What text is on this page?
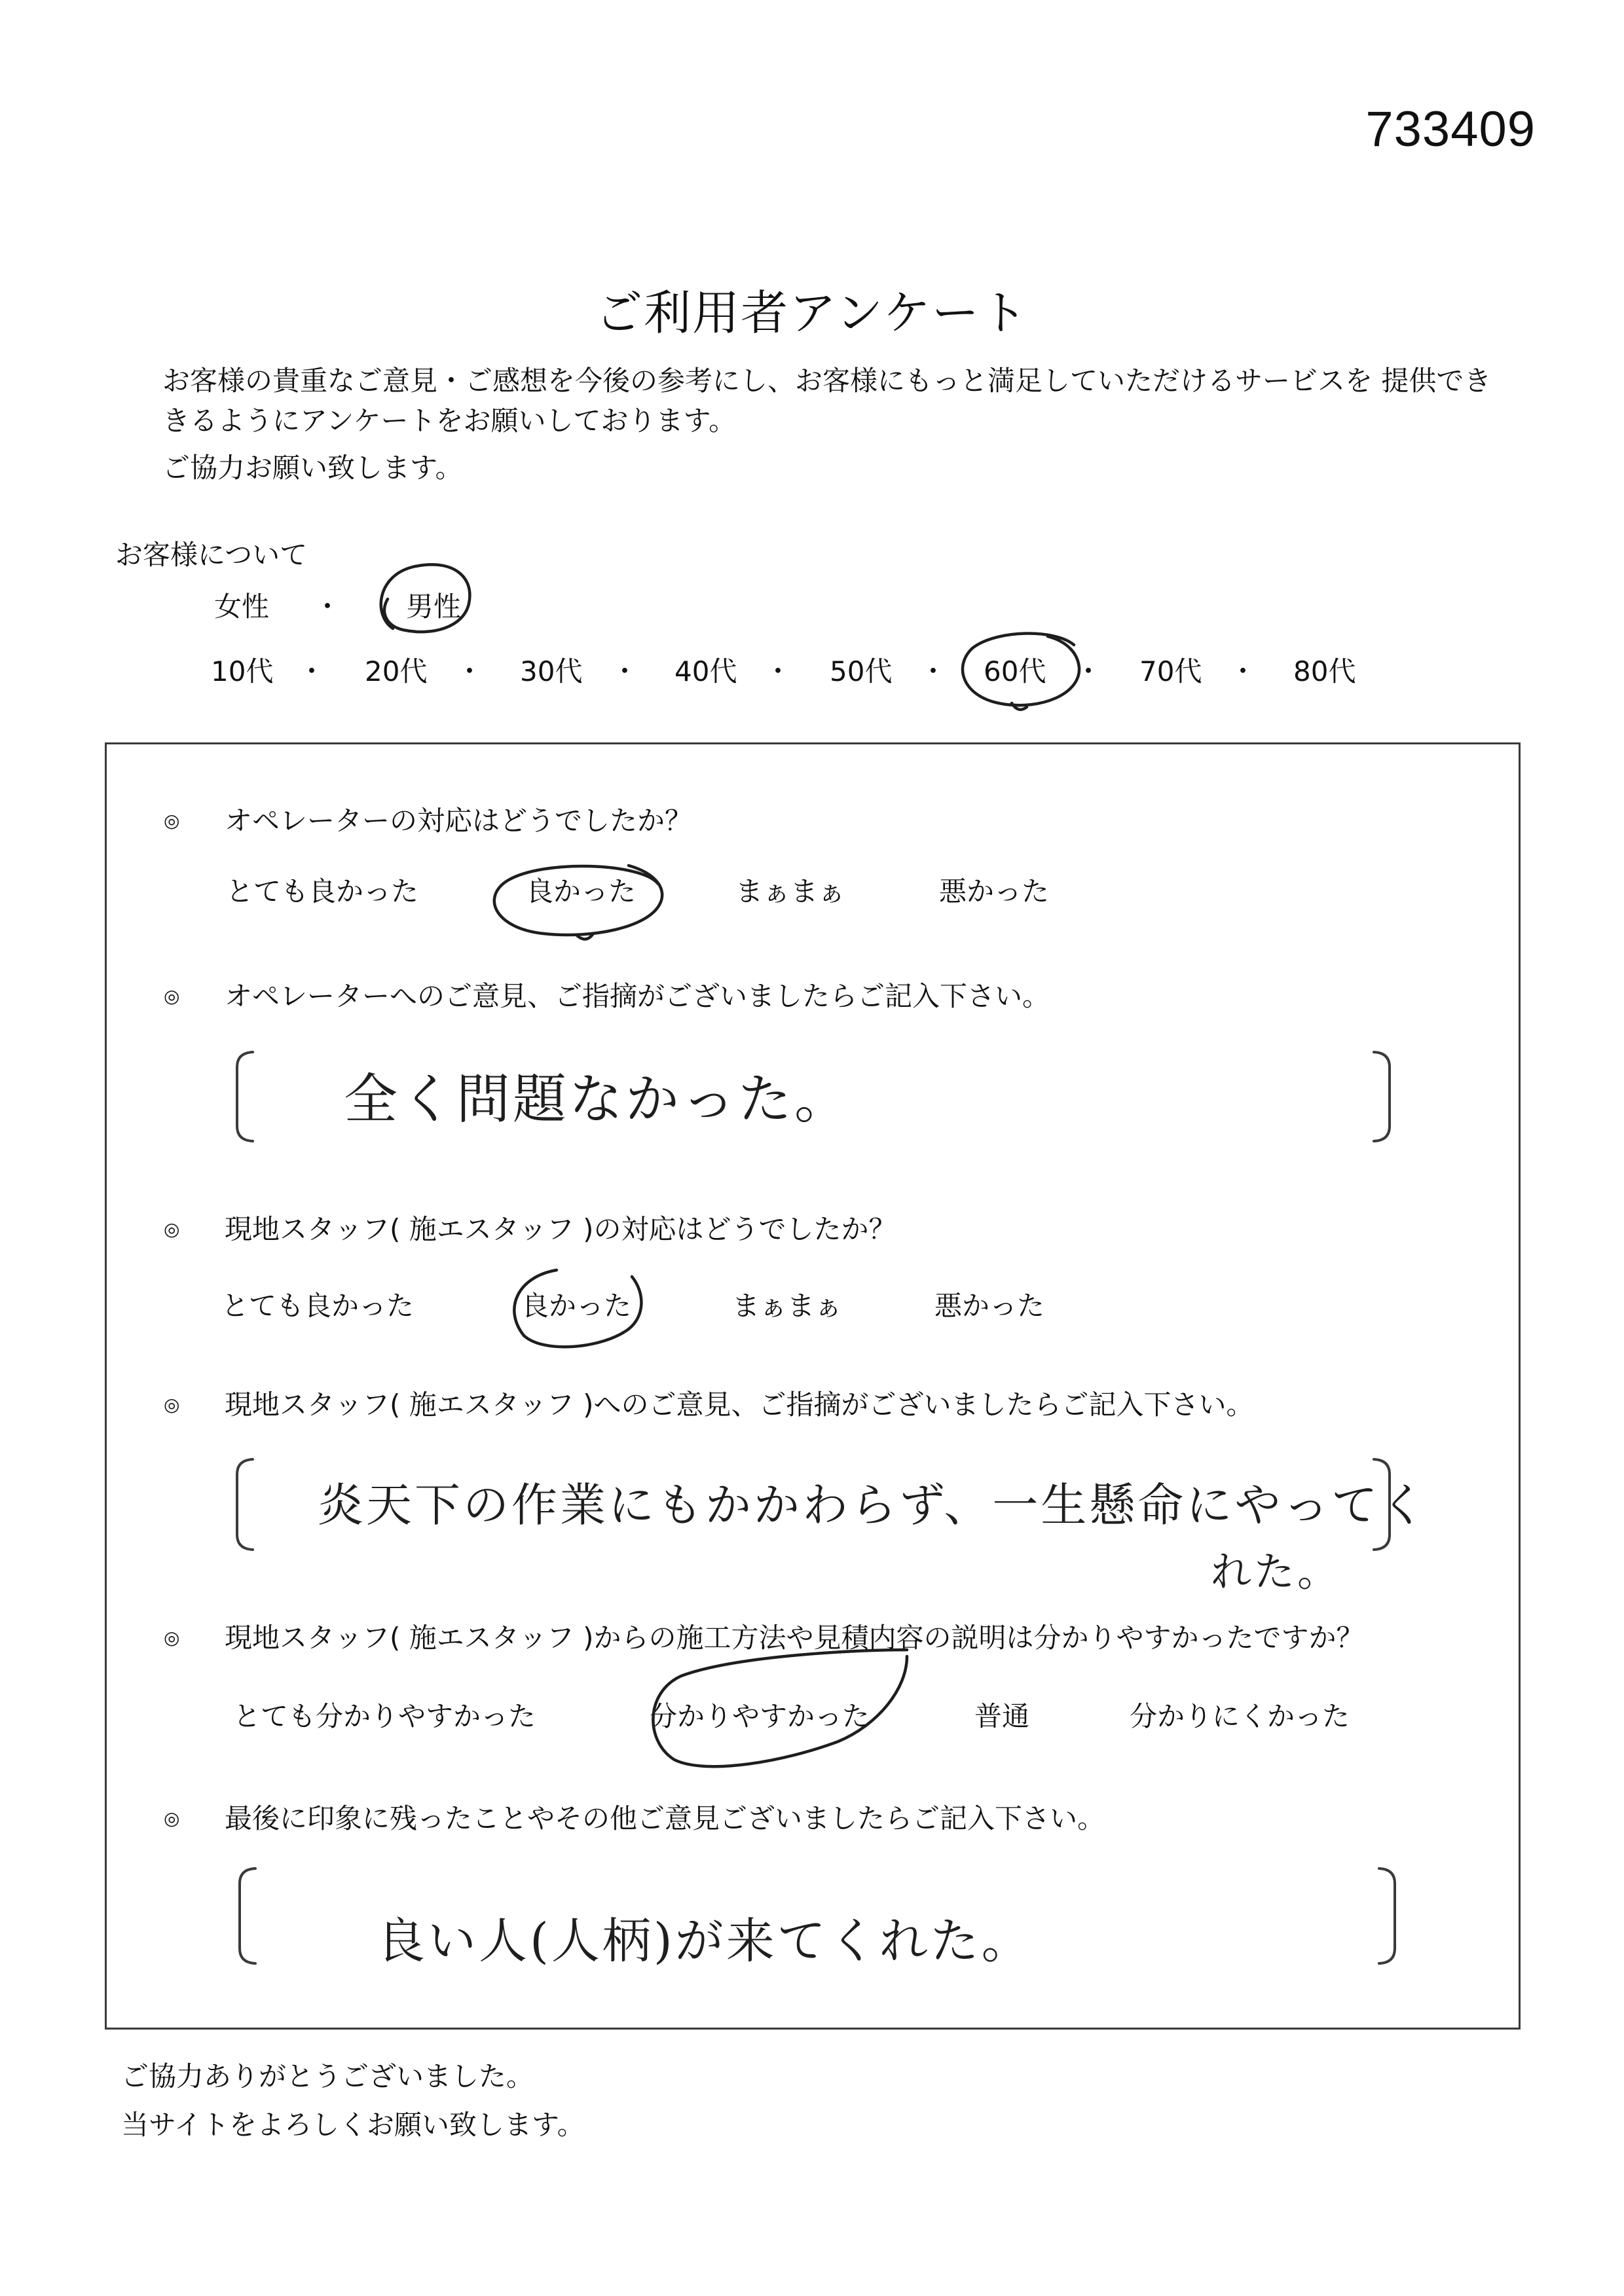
733409
ご利用者アンケート
お客様の貴重なご意見・ご感想を今後の参考にし、お客様にもっと満足していただけるサービスを 提供でき
きるようにアンケートをお願いしております。
ご協力お願い致します。
お客様について
女性 ・ 男性
10代 ・ 20代 ・ 30代 ・ 40代 ・ 50代 ・ 60代 ・ 70代 ・ 80代
◎ オペレーターの対応はどうでしたか？
とても良かった	良かった	まぁまぁ	悪かった
◎ オペレーターへのご意見、ご指摘がございましたらご記入下さい。
全く問題なかった。
◎ 現地スタッフ( 施エスタッフ )の対応はどうでしたか？
とても良かった	良かった	まぁまぁ	悪かった
◎ 現地スタッフ( 施エスタッフ )へのご意見、ご指摘がございましたらご記入下さい。
炎天下の作業にもかかわらず、一生懸命にやってく
れた。
◎ 現地スタッフ( 施エスタッフ )からの施工方法や見積内容の説明は分かりやすかったですか？
とても分かりやすかった	分かりやすかった	普通	分かりにくかった
◎ 最後に印象に残ったことやその他ご意見ございましたらご記入下さい。
良い人(人柄)が来てくれた。
ご協力ありがとうございました。
当サイトをよろしくお願い致します。
